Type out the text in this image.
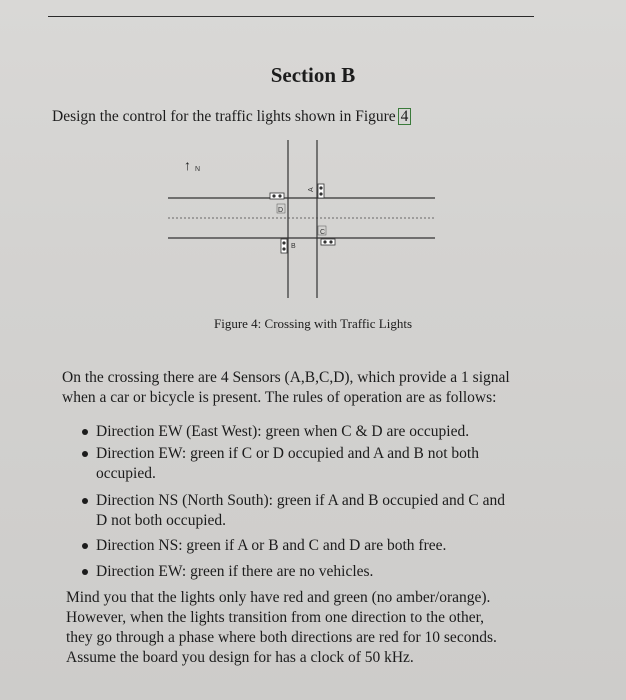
Section B
Design the control for the traffic lights shown in Figure 4
↑ N
A
B
C
D
Figure 4: Crossing with Traffic Lights
On the crossing there are 4 Sensors (A,B,C,D), which provide a 1 signal
when a car or bicycle is present. The rules of operation are as follows:
Direction EW (East West): green when C & D are occupied.
Direction EW: green if C or D occupied and A and B not both
occupied.
Direction NS (North South): green if A and B occupied and C and
D not both occupied.
Direction NS: green if A or B and C and D are both free.
Direction EW: green if there are no vehicles.
Mind you that the lights only have red and green (no amber/orange).
However, when the lights transition from one direction to the other,
they go through a phase where both directions are red for 10 seconds.
Assume the board you design for has a clock of 50 kHz.
